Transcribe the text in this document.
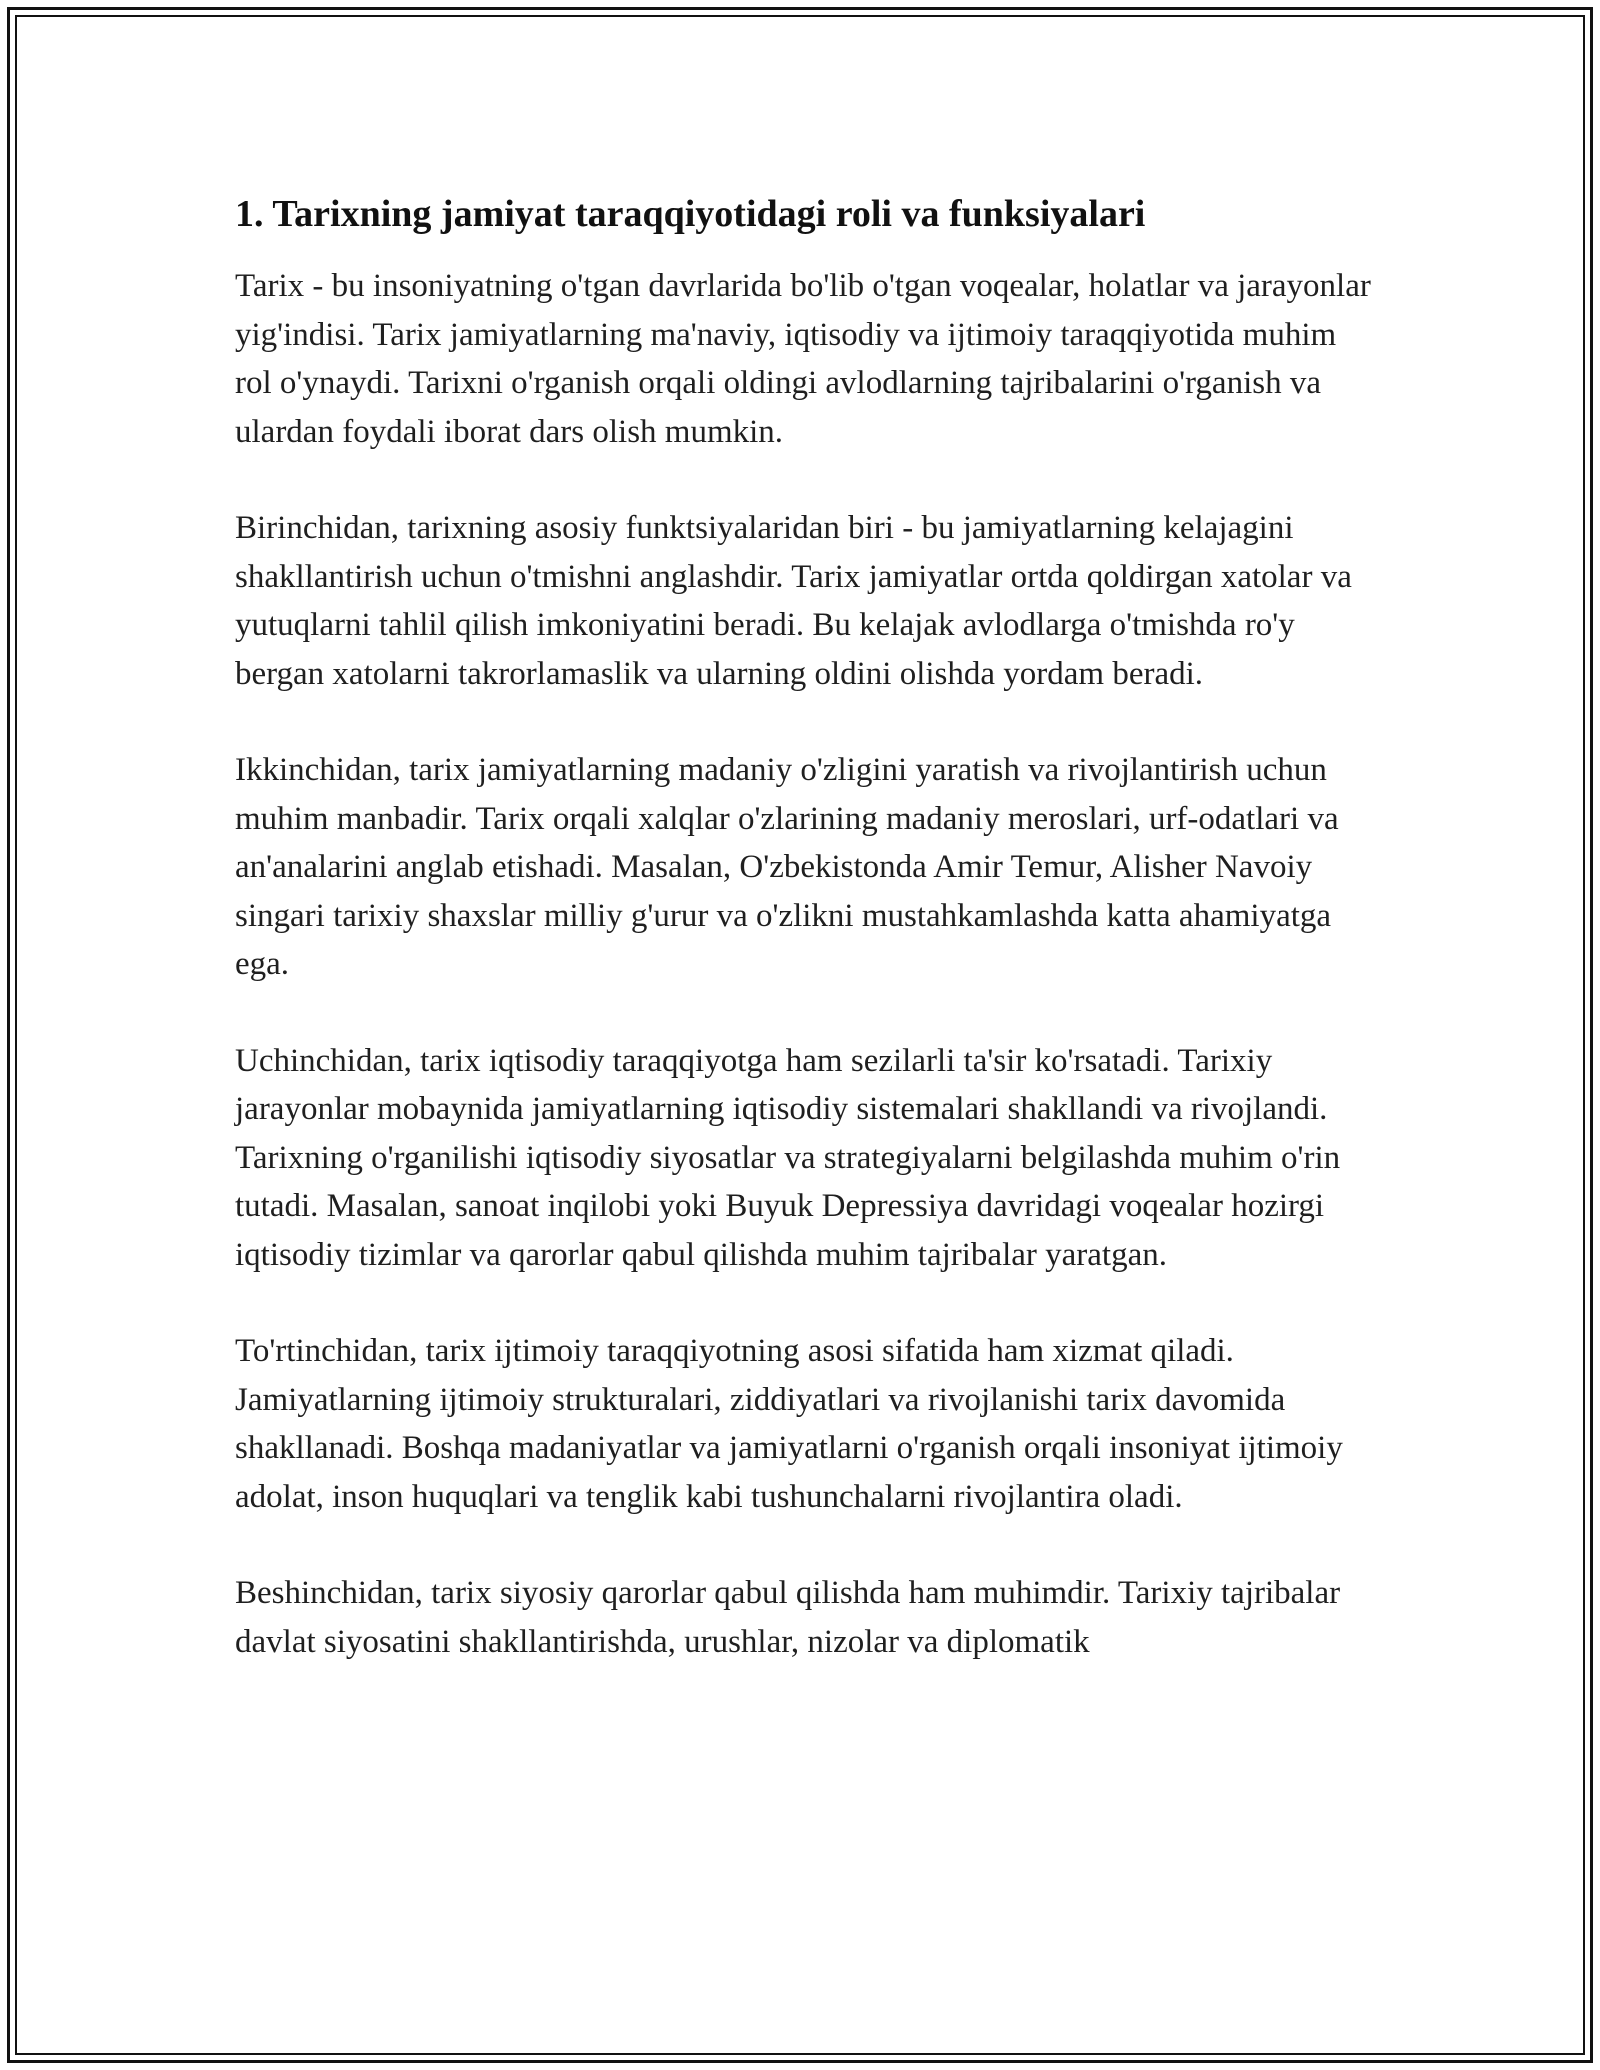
1. Tarixning jamiyat taraqqiyotidagi roli va funksiyalari

Tarix - bu insoniyatning o'tgan davrlarida bo'lib o'tgan voqealar, holatlar va jarayonlar yig'indisi. Tarix jamiyatlarning ma'naviy, iqtisodiy va ijtimoiy taraqqiyotida muhim rol o'ynaydi. Tarixni o'rganish orqali oldingi avlodlarning tajribalarini o'rganish va ulardan foydali iborat dars olish mumkin.

Birinchidan, tarixning asosiy funktsiyalaridan biri - bu jamiyatlarning kelajagini shakllantirish uchun o'tmishni anglashdir. Tarix jamiyatlar ortda qoldirgan xatolar va yutuqlarni tahlil qilish imkoniyatini beradi. Bu kelajak avlodlarga o'tmishda ro'y bergan xatolarni takrorlamaslik va ularning oldini olishda yordam beradi.

Ikkinchidan, tarix jamiyatlarning madaniy o'zligini yaratish va rivojlantirish uchun muhim manbadir. Tarix orqali xalqlar o'zlarining madaniy meroslari, urf-odatlari va an'analarini anglab etishadi. Masalan, O'zbekistonda Amir Temur, Alisher Navoiy singari tarixiy shaxslar milliy g'urur va o'zlikni mustahkamlashda katta ahamiyatga ega.

Uchinchidan, tarix iqtisodiy taraqqiyotga ham sezilarli ta'sir ko'rsatadi. Tarixiy jarayonlar mobaynida jamiyatlarning iqtisodiy sistemalari shakllandi va rivojlandi. Tarixning o'rganilishi iqtisodiy siyosatlar va strategiyalarni belgilashda muhim o'rin tutadi. Masalan, sanoat inqilobi yoki Buyuk Depressiya davridagi voqealar hozirgi iqtisodiy tizimlar va qarorlar qabul qilishda muhim tajribalar yaratgan.

To'rtinchidan, tarix ijtimoiy taraqqiyotning asosi sifatida ham xizmat qiladi. Jamiyatlarning ijtimoiy strukturalari, ziddiyatlari va rivojlanishi tarix davomida shakllanadi. Boshqa madaniyatlar va jamiyatlarni o'rganish orqali insoniyat ijtimoiy adolat, inson huquqlari va tenglik kabi tushunchalarni rivojlantira oladi.

Beshinchidan, tarix siyosiy qarorlar qabul qilishda ham muhimdir. Tarixiy tajribalar davlat siyosatini shakllantirishda, urushlar, nizolar va diplomatik
